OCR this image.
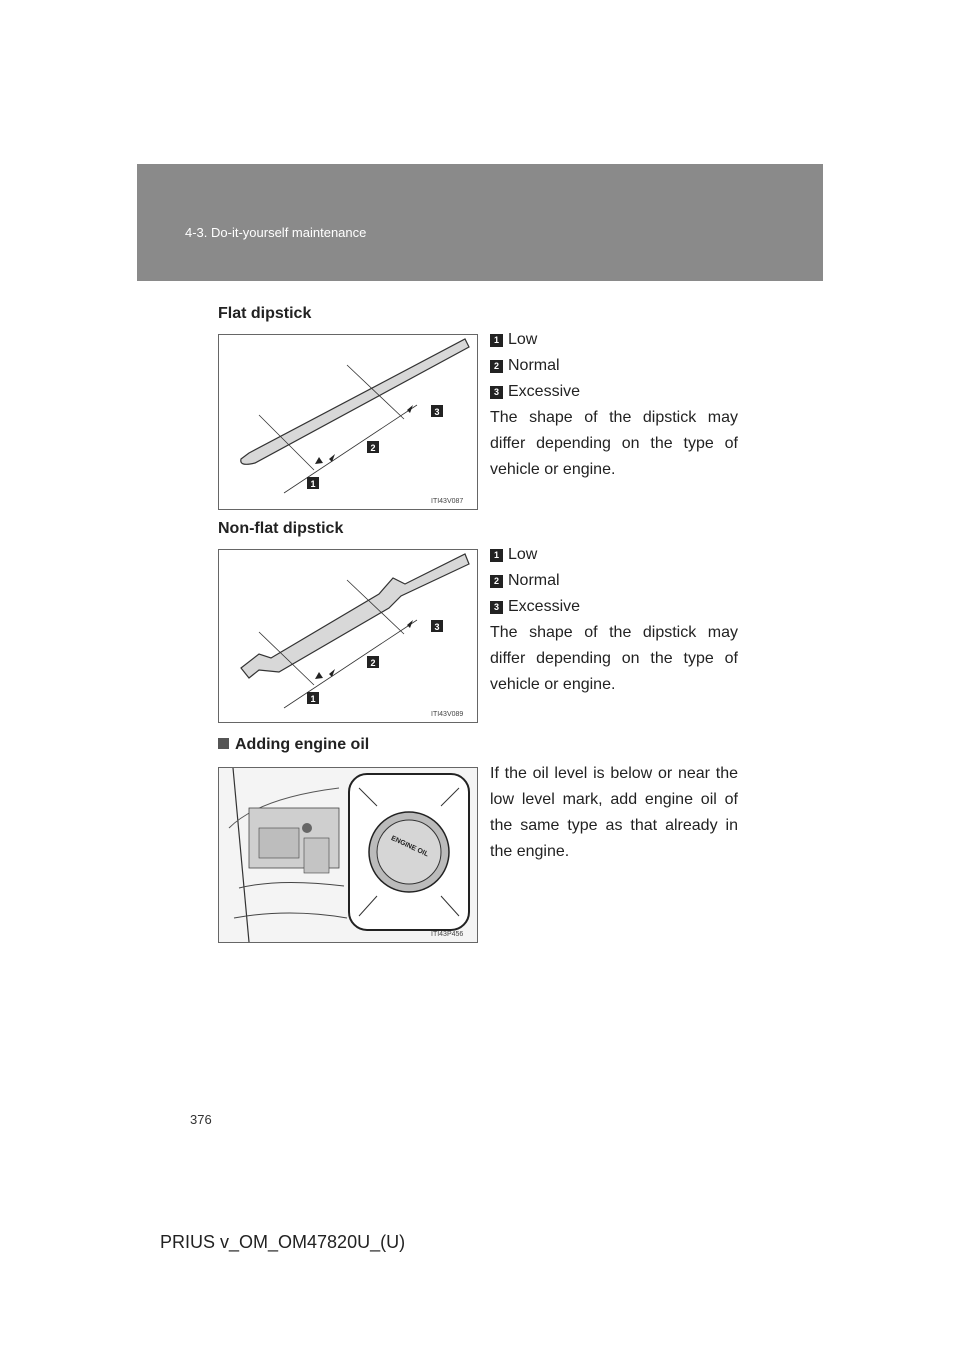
4-3. Do-it-yourself maintenance
Flat dipstick
1
2
3
ITI43V087
1 Low
2 Normal
3 Excessive
The shape of the dipstick may differ depending on the type of vehicle or engine.
Non-flat dipstick
1
2
3
ITI43V089
1 Low
2 Normal
3 Excessive
The shape of the dipstick may differ depending on the type of vehicle or engine.
Adding engine oil
ENGINE OIL
ITI43P456
If the oil level is below or near the low level mark, add engine oil of the same type as that already in the engine.
376
PRIUS v_OM_OM47820U_(U)
